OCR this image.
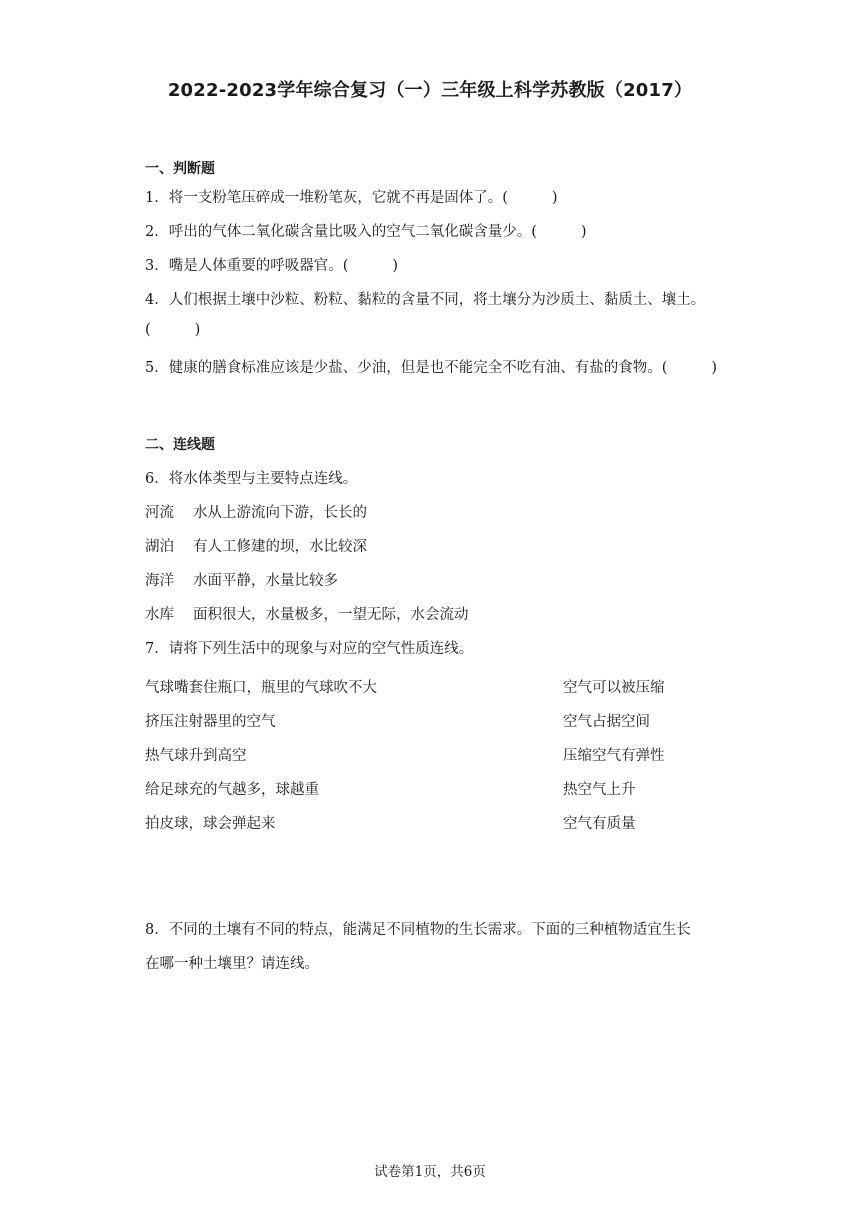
2022-2023学年综合复习（一）三年级上科学苏教版（2017）
一、判断题
1．将一支粉笔压碎成一堆粉笔灰，它就不再是固体了。(	)
2．呼出的气体二氧化碳含量比吸入的空气二氧化碳含量少。(	)
3．嘴是人体重要的呼吸器官。(	)
4．人们根据土壤中沙粒、粉粒、黏粒的含量不同，将土壤分为沙质土、黏质土、壤土。
(	)
5．健康的膳食标准应该是少盐、少油，但是也不能完全不吃有油、有盐的食物。(	)
二、连线题
6．将水体类型与主要特点连线。
河流 水从上游流向下游，长长的
湖泊 有人工修建的坝，水比较深
海洋 水面平静，水量比较多
水库 面积很大，水量极多，一望无际，水会流动
7．请将下列生活中的现象与对应的空气性质连线。
气球嘴套住瓶口，瓶里的气球吹不大	空气可以被压缩
挤压注射器里的空气	空气占据空间
热气球升到高空	压缩空气有弹性
给足球充的气越多，球越重	热空气上升
拍皮球，球会弹起来	空气有质量
8．不同的土壤有不同的特点，能满足不同植物的生长需求。下面的三种植物适宜生长
在哪一种土壤里？请连线。
试卷第1页，共6页
